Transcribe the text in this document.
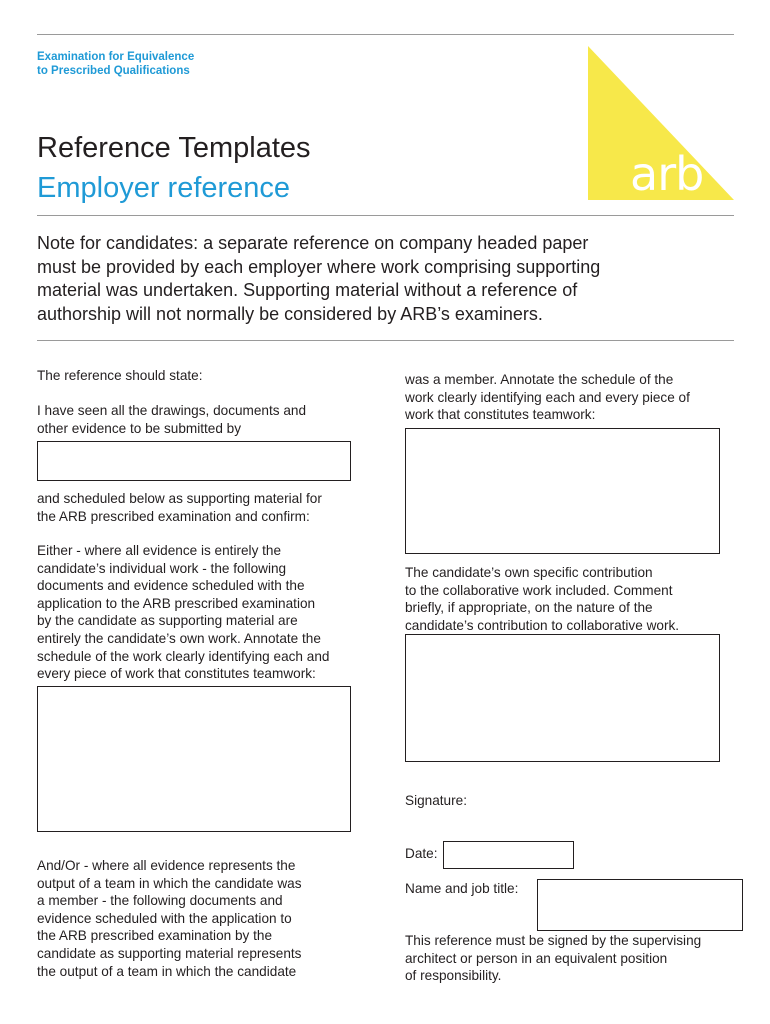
Examination for Equivalence
to Prescribed Qualifications
arb
Reference Templates
Employer reference
Note for candidates: a separate reference on company headed paper
must be provided by each employer where work comprising supporting
material was undertaken. Supporting material without a reference of
authorship will not normally be considered by ARB’s examiners.

The reference should state:

I have seen all the drawings, documents and
other evidence to be submitted by
and scheduled below as supporting material for
the ARB prescribed examination and confirm:
Either - where all evidence is entirely the
candidate’s individual work - the following
documents and evidence scheduled with the
application to the ARB prescribed examination
by the candidate as supporting material are
entirely the candidate’s own work. Annotate the
schedule of the work clearly identifying each and
every piece of work that constitutes teamwork:
And/Or - where all evidence represents the
output of a team in which the candidate was
a member - the following documents and
evidence scheduled with the application to
the ARB prescribed examination by the
candidate as supporting material represents
the output of a team in which the candidate
was a member. Annotate the schedule of the
work clearly identifying each and every piece of
work that constitutes teamwork:
The candidate’s own specific contribution
to the collaborative work included. Comment
briefly, if appropriate, on the nature of the
candidate’s contribution to collaborative work.

Signature:

Date:

Name and job title:

This reference must be signed by the supervising
architect or person in an equivalent position
of responsibility.
